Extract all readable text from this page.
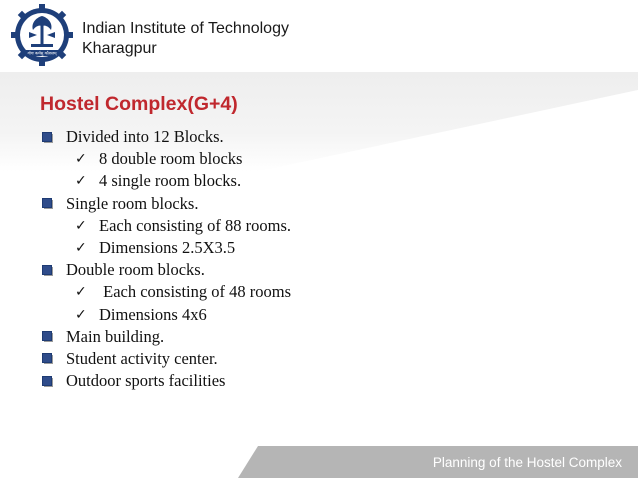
योगः कर्मसु कौशलम्
Indian Institute of Technology
Kharagpur
Hostel Complex(G+4)
Divided into 12 Blocks.
✓ 8 double room blocks
✓ 4 single room blocks.
Single room blocks.
✓ Each consisting of 88 rooms.
✓ Dimensions 2.5X3.5
Double room blocks.
✓ Each consisting of 48 rooms
✓ Dimensions 4x6
Main building.
Student activity center.
Outdoor sports facilities
Planning of the Hostel Complex
